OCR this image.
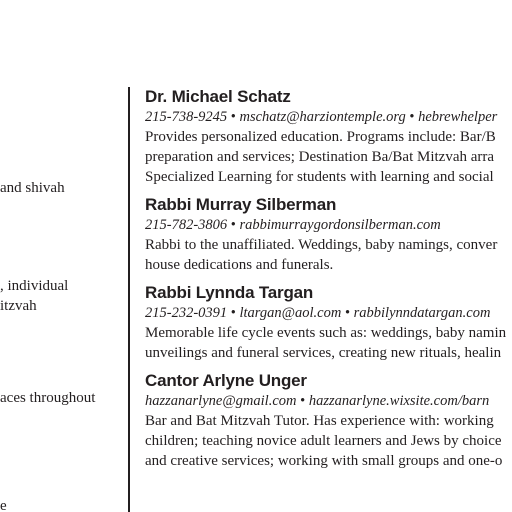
and shivah
, individual
itzvah
aces throughout
e
Dr. Michael Schatz
215-738-9245 • mschatz@harziontemple.org • hebrewhelper
Provides personalized education. Programs include: Bar/B
preparation and services; Destination Ba/Bat Mitzvah arra
Specialized Learning for students with learning and social
Rabbi Murray Silberman
215-782-3806 • rabbimurraygordonsilberman.com
Rabbi to the unaffiliated. Weddings, baby namings, conver
house dedications and funerals.
Rabbi Lynnda Targan
215-232-0391 • ltargan@aol.com • rabbilynndatargan.com
Memorable life cycle events such as: weddings, baby namin
unveilings and funeral services, creating new rituals, healin
Cantor Arlyne Unger
hazzanarlyne@gmail.com • hazzanarlyne.wixsite.com/barn
Bar and Bat Mitzvah Tutor. Has experience with: working
children; teaching novice adult learners and Jews by choice
and creative services; working with small groups and one-o
